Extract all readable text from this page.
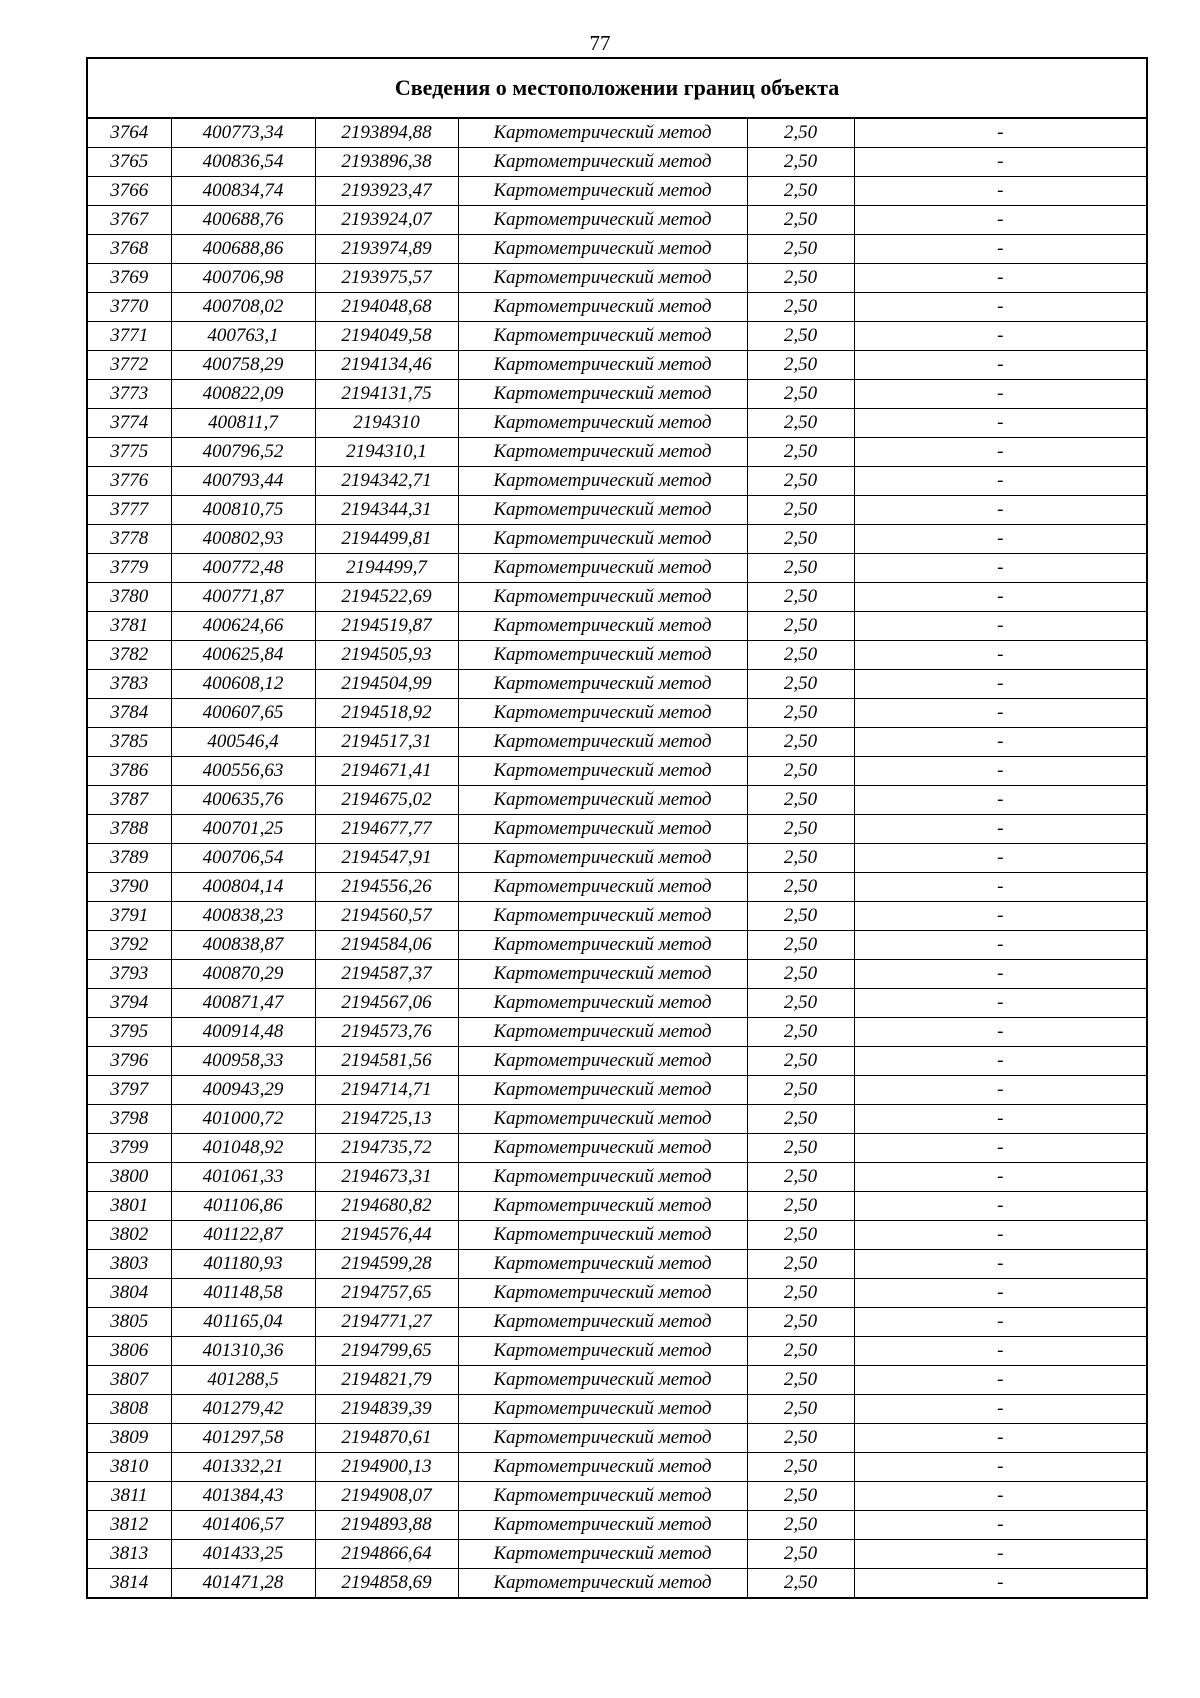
77
Сведения о местоположении границ объекта					
3764	400773,34	2193894,88	Картометрический метод	2,50	-
3765	400836,54	2193896,38	Картометрический метод	2,50	-
3766	400834,74	2193923,47	Картометрический метод	2,50	-
3767	400688,76	2193924,07	Картометрический метод	2,50	-
3768	400688,86	2193974,89	Картометрический метод	2,50	-
3769	400706,98	2193975,57	Картометрический метод	2,50	-
3770	400708,02	2194048,68	Картометрический метод	2,50	-
3771	400763,1	2194049,58	Картометрический метод	2,50	-
3772	400758,29	2194134,46	Картометрический метод	2,50	-
3773	400822,09	2194131,75	Картометрический метод	2,50	-
3774	400811,7	2194310	Картометрический метод	2,50	-
3775	400796,52	2194310,1	Картометрический метод	2,50	-
3776	400793,44	2194342,71	Картометрический метод	2,50	-
3777	400810,75	2194344,31	Картометрический метод	2,50	-
3778	400802,93	2194499,81	Картометрический метод	2,50	-
3779	400772,48	2194499,7	Картометрический метод	2,50	-
3780	400771,87	2194522,69	Картометрический метод	2,50	-
3781	400624,66	2194519,87	Картометрический метод	2,50	-
3782	400625,84	2194505,93	Картометрический метод	2,50	-
3783	400608,12	2194504,99	Картометрический метод	2,50	-
3784	400607,65	2194518,92	Картометрический метод	2,50	-
3785	400546,4	2194517,31	Картометрический метод	2,50	-
3786	400556,63	2194671,41	Картометрический метод	2,50	-
3787	400635,76	2194675,02	Картометрический метод	2,50	-
3788	400701,25	2194677,77	Картометрический метод	2,50	-
3789	400706,54	2194547,91	Картометрический метод	2,50	-
3790	400804,14	2194556,26	Картометрический метод	2,50	-
3791	400838,23	2194560,57	Картометрический метод	2,50	-
3792	400838,87	2194584,06	Картометрический метод	2,50	-
3793	400870,29	2194587,37	Картометрический метод	2,50	-
3794	400871,47	2194567,06	Картометрический метод	2,50	-
3795	400914,48	2194573,76	Картометрический метод	2,50	-
3796	400958,33	2194581,56	Картометрический метод	2,50	-
3797	400943,29	2194714,71	Картометрический метод	2,50	-
3798	401000,72	2194725,13	Картометрический метод	2,50	-
3799	401048,92	2194735,72	Картометрический метод	2,50	-
3800	401061,33	2194673,31	Картометрический метод	2,50	-
3801	401106,86	2194680,82	Картометрический метод	2,50	-
3802	401122,87	2194576,44	Картометрический метод	2,50	-
3803	401180,93	2194599,28	Картометрический метод	2,50	-
3804	401148,58	2194757,65	Картометрический метод	2,50	-
3805	401165,04	2194771,27	Картометрический метод	2,50	-
3806	401310,36	2194799,65	Картометрический метод	2,50	-
3807	401288,5	2194821,79	Картометрический метод	2,50	-
3808	401279,42	2194839,39	Картометрический метод	2,50	-
3809	401297,58	2194870,61	Картометрический метод	2,50	-
3810	401332,21	2194900,13	Картометрический метод	2,50	-
3811	401384,43	2194908,07	Картометрический метод	2,50	-
3812	401406,57	2194893,88	Картометрический метод	2,50	-
3813	401433,25	2194866,64	Картометрический метод	2,50	-
3814	401471,28	2194858,69	Картометрический метод	2,50	-
